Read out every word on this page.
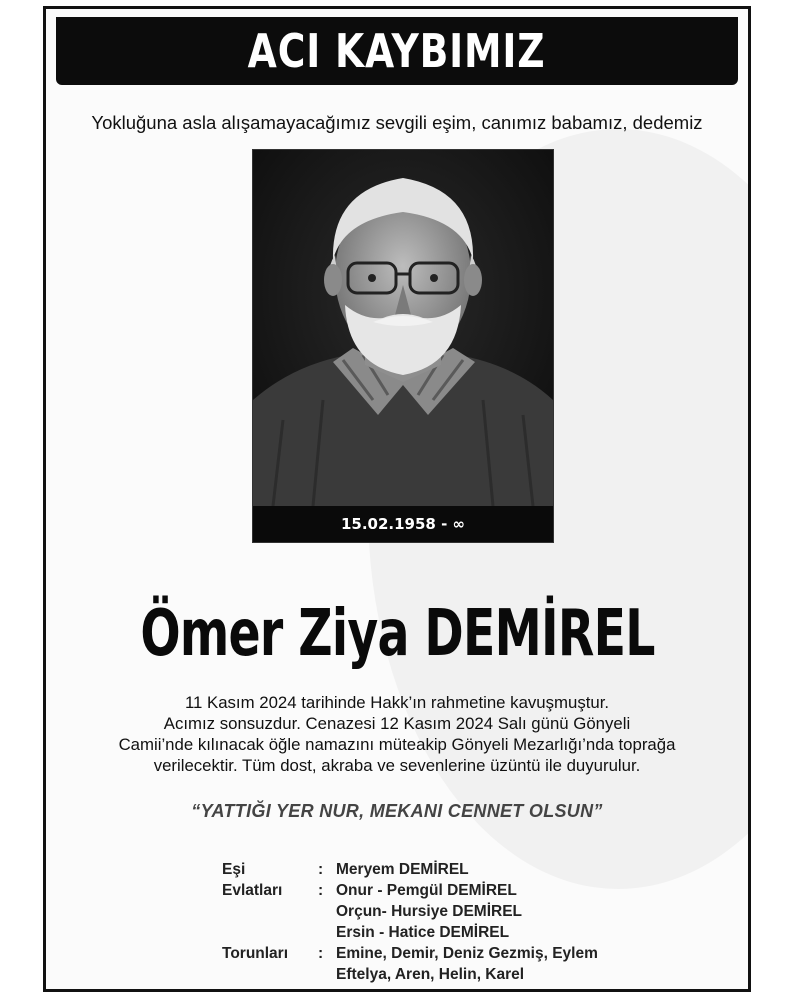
ACI KAYBIMIZ
Yokluğuna asla alışamayacağımız sevgili eşim, canımız babamız, dedemiz
15.02.1958 - ∞
Ömer Ziya DEMİREL
11 Kasım 2024 tarihinde Hakk’ın rahmetine kavuşmuştur.
Acımız sonsuzdur. Cenazesi 12 Kasım 2024 Salı günü Gönyeli
Camii’nde kılınacak öğle namazını müteakip Gönyeli Mezarlığı’nda toprağa
verilecektir. Tüm dost, akraba ve sevenlerine üzüntü ile duyurulur.
“YATTIĞI YER NUR, MEKANI CENNET OLSUN”
Eşi	: Meryem DEMİREL
Evlatları	: Onur - Pemgül DEMİREL
Orçun- Hursiye DEMİREL
Ersin - Hatice DEMİREL
Torunları	: Emine, Demir, Deniz Gezmiş, Eylem
Eftelya, Aren, Helin, Karel
